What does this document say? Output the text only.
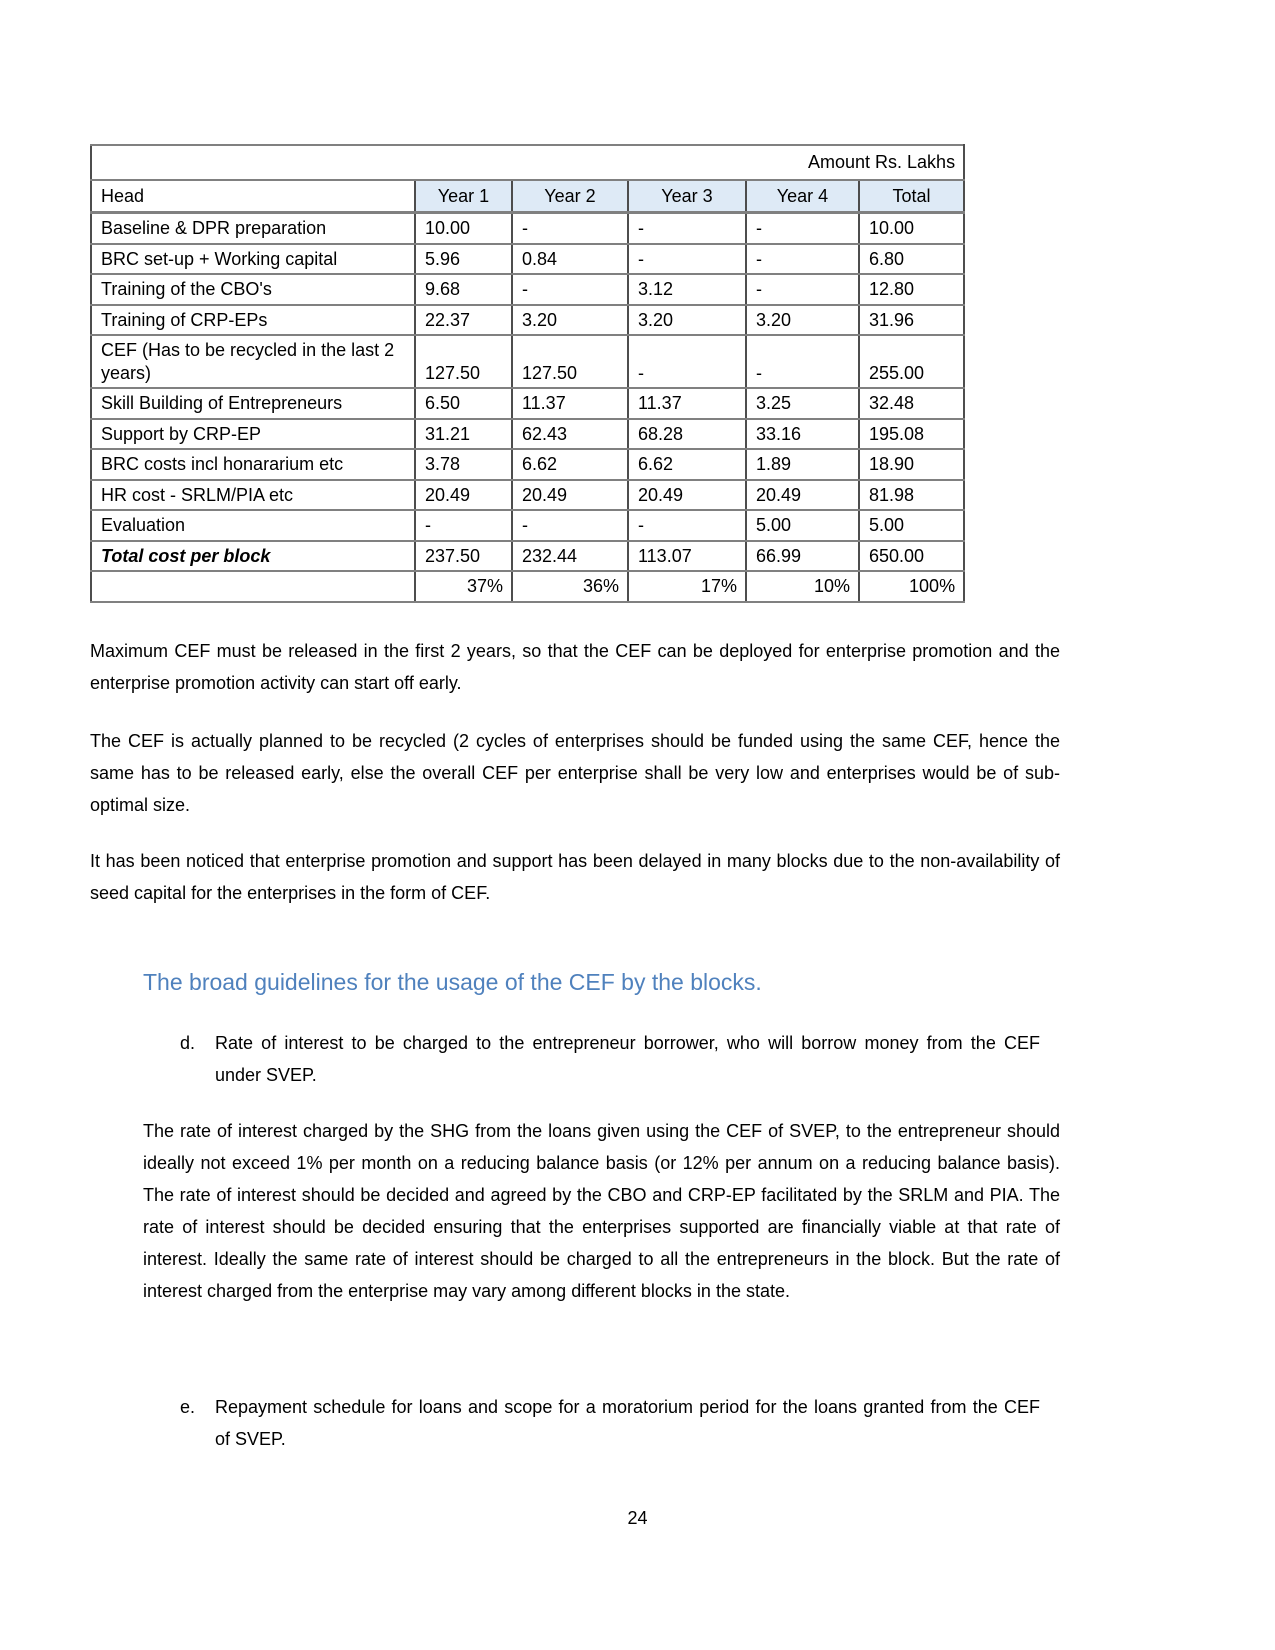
Amount Rs. Lakhs					
Head	Year 1	Year 2	Year 3	Year 4	Total
Baseline & DPR preparation	10.00	-	-	-	10.00
BRC set-up + Working capital	5.96	0.84	-	-	6.80
Training of the CBO's	9.68	-	3.12	-	12.80
Training of CRP-EPs	22.37	3.20	3.20	3.20	31.96
CEF (Has to be recycled in the last 2 years)	127.50	127.50	-	-	255.00
Skill Building of Entrepreneurs	6.50	11.37	11.37	3.25	32.48
Support by CRP-EP	31.21	62.43	68.28	33.16	195.08
BRC costs incl honararium etc	3.78	6.62	6.62	1.89	18.90
HR cost - SRLM/PIA etc	20.49	20.49	20.49	20.49	81.98
Evaluation	-	-	-	5.00	5.00
Total cost per block	237.50	232.44	113.07	66.99	650.00
	37%	36%	17%	10%	100%

Maximum CEF must be released in the first 2 years, so that the CEF can be deployed for enterprise promotion and the enterprise promotion activity can start off early.

The CEF is actually planned to be recycled (2 cycles of enterprises should be funded using the same CEF, hence the same has to be released early, else the overall CEF per enterprise shall be very low and enterprises would be of sub-optimal size.

It has been noticed that enterprise promotion and support has been delayed in many blocks due to the non-availability of seed capital for the enterprises in the form of CEF.

The broad guidelines for the usage of the CEF by the blocks.
d.	Rate of interest to be charged to the entrepreneur borrower, who will borrow money from the CEF under SVEP.

The rate of interest charged by the SHG from the loans given using the CEF of SVEP, to the entrepreneur should ideally not exceed 1% per month on a reducing balance basis (or 12% per annum on a reducing balance basis). The rate of interest should be decided and agreed by the CBO and CRP-EP facilitated by the SRLM and PIA. The rate of interest should be decided ensuring that the enterprises supported are financially viable at that rate of interest. Ideally the same rate of interest should be charged to all the entrepreneurs in the block. But the rate of interest charged from the enterprise may vary among different blocks in the state.

e.	Repayment schedule for loans and scope for a moratorium period for the loans granted from the CEF of SVEP.
24
